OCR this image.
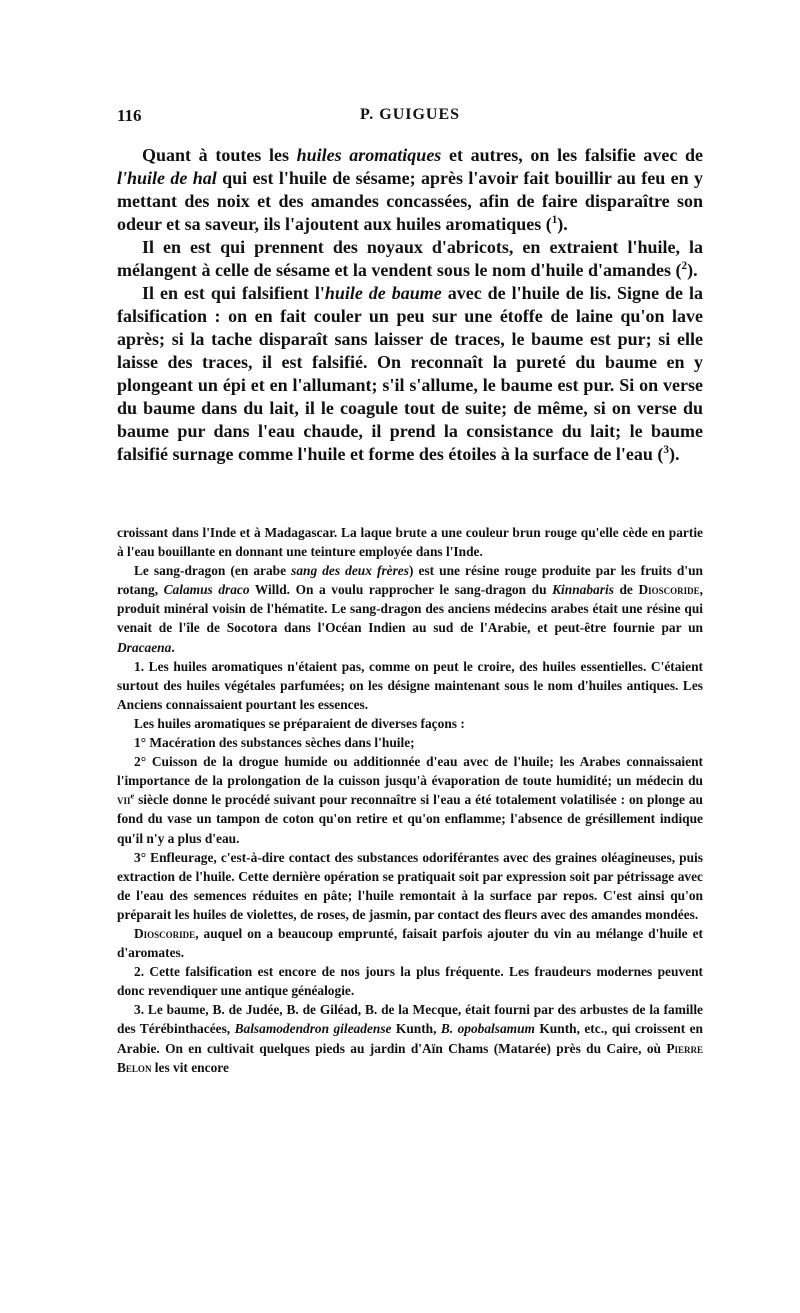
116	P. GUIGUES

Quant à toutes les huiles aromatiques et autres, on les falsifie avec de l'huile de hal qui est l'huile de sésame; après l'avoir fait bouillir au feu en y mettant des noix et des amandes concassées, afin de faire disparaître son odeur et sa saveur, ils l'ajoutent aux huiles aromatiques ($^1$).

Il en est qui prennent des noyaux d'abricots, en extraient l'huile, la mélangent à celle de sésame et la vendent sous le nom d'huile d'amandes ($^2$).

Il en est qui falsifient l'huile de baume avec de l'huile de lis. Signe de la falsification : on en fait couler un peu sur une étoffe de laine qu'on lave après; si la tache disparaît sans laisser de traces, le baume est pur; si elle laisse des traces, il est falsifié. On reconnaît la pureté du baume en y plongeant un épi et en l'allumant; s'il s'allume, le baume est pur. Si on verse du baume dans du lait, il le coagule tout de suite; de même, si on verse du baume pur dans l'eau chaude, il prend la consistance du lait; le baume falsifié surnage comme l'huile et forme des étoiles à la surface de l'eau ($^3$).

croissant dans l'Inde et à Madagascar. La laque brute a une couleur brun rouge qu'elle cède en partie à l'eau bouillante en donnant une teinture employée dans l'Inde.

Le sang-dragon (en arabe sang des deux frères) est une résine rouge produite par les fruits d'un rotang, Calamus draco Willd. On a voulu rapprocher le sang-dragon du Kinnabaris de Dioscoride, produit minéral voisin de l'hématite. Le sang-dragon des anciens médecins arabes était une résine qui venait de l'île de Socotora dans l'Océan Indien au sud de l'Arabie, et peut-être fournie par un Dracaena.

1. Les huiles aromatiques n'étaient pas, comme on peut le croire, des huiles essentielles. C'étaient surtout des huiles végétales parfumées; on les désigne maintenant sous le nom d'huiles antiques. Les Anciens connaissaient pourtant les essences.

Les huiles aromatiques se préparaient de diverses façons :

1° Macération des substances sèches dans l'huile;

2° Cuisson de la drogue humide ou additionnée d'eau avec de l'huile; les Arabes connaissaient l'importance de la prolongation de la cuisson jusqu'à évaporation de toute humidité; un médecin du vii$^e$ siècle donne le procédé suivant pour reconnaître si l'eau a été totalement volatilisée : on plonge au fond du vase un tampon de coton qu'on retire et qu'on enflamme; l'absence de grésillement indique qu'il n'y a plus d'eau.

3° Enfleurage, c'est-à-dire contact des substances odoriférantes avec des graines oléagineuses, puis extraction de l'huile. Cette dernière opération se pratiquait soit par expression soit par pétrissage avec de l'eau des semences réduites en pâte; l'huile remontait à la surface par repos. C'est ainsi qu'on préparait les huiles de violettes, de roses, de jasmin, par contact des fleurs avec des amandes mondées.

Dioscoride, auquel on a beaucoup emprunté, faisait parfois ajouter du vin au mélange d'huile et d'aromates.

2. Cette falsification est encore de nos jours la plus fréquente. Les fraudeurs modernes peuvent donc revendiquer une antique généalogie.

3. Le baume, B. de Judée, B. de Giléad, B. de la Mecque, était fourni par des arbustes de la famille des Térébinthacées, Balsamodendron gileadense Kunth, B. opobalsamum Kunth, etc., qui croissent en Arabie. On en cultivait quelques pieds au jardin d'Aïn Chams (Matarée) près du Caire, où Pierre Belon les vit encore
